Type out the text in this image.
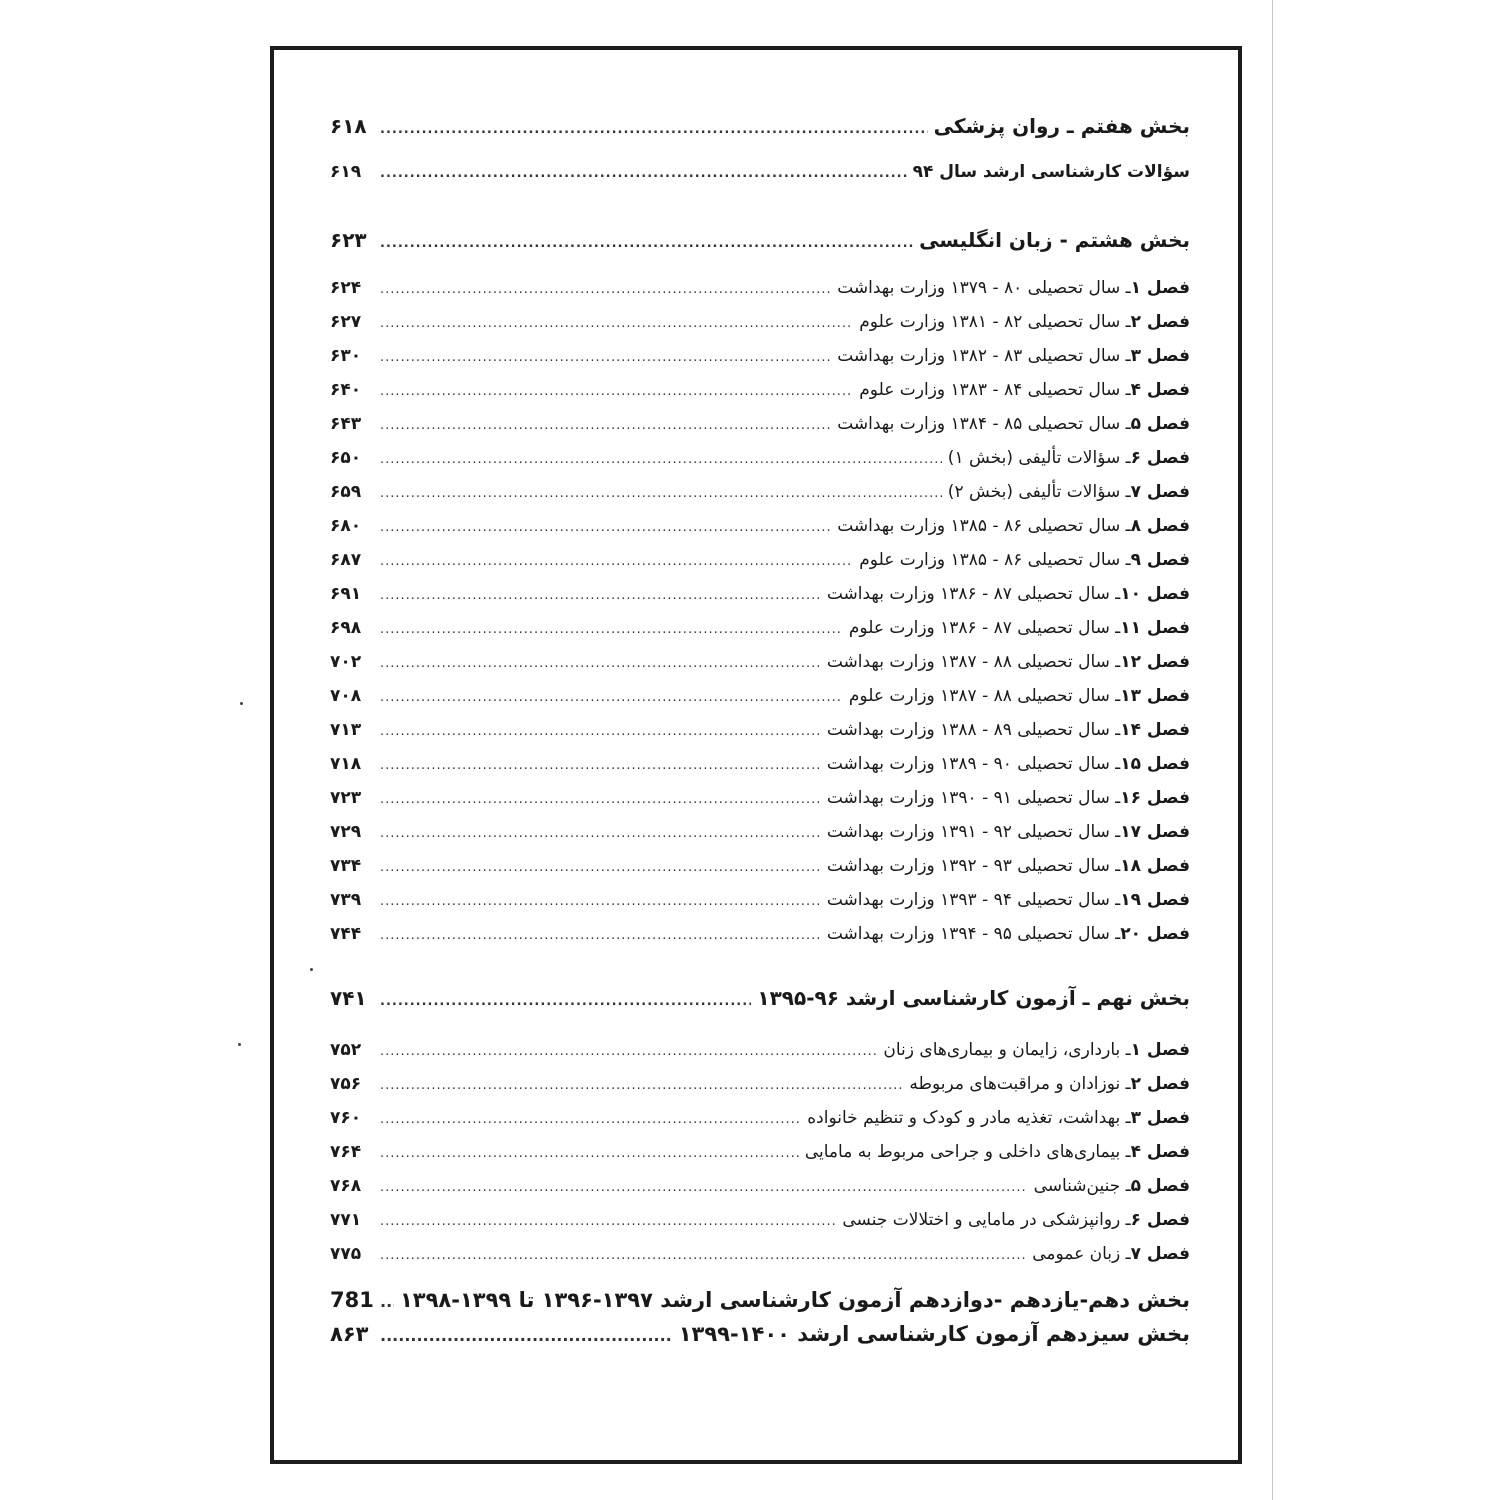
بخش هفتم ـ روان پزشکی
.....
۶۱۸
سؤالات کارشناسی ارشد سال ۹۴
.....
۶۱۹
بخش هشتم - زبان انگلیسی
.....
۶۲۳
فصل ۱ـ سال تحصیلی ۸۰ - ۱۳۷۹ وزارت بهداشت
.....
۶۲۴
فصل ۲ـ سال تحصیلی ۸۲ - ۱۳۸۱ وزارت علوم
.....
۶۲۷
فصل ۳ـ سال تحصیلی ۸۳ - ۱۳۸۲ وزارت بهداشت
.....
۶۳۰
فصل ۴ـ سال تحصیلی ۸۴ - ۱۳۸۳ وزارت علوم
.....
۶۴۰
فصل ۵ـ سال تحصیلی ۸۵ - ۱۳۸۴ وزارت بهداشت
.....
۶۴۳
فصل ۶ـ سؤالات تألیفی (بخش ۱)
.....
۶۵۰
فصل ۷ـ سؤالات تألیفی (بخش ۲)
.....
۶۵۹
فصل ۸ـ سال تحصیلی ۸۶ - ۱۳۸۵ وزارت بهداشت
.....
۶۸۰
فصل ۹ـ سال تحصیلی ۸۶ - ۱۳۸۵ وزارت علوم
.....
۶۸۷
فصل ۱۰ـ سال تحصیلی ۸۷ - ۱۳۸۶ وزارت بهداشت
.....
۶۹۱
فصل ۱۱ـ سال تحصیلی ۸۷ - ۱۳۸۶ وزارت علوم
.....
۶۹۸
فصل ۱۲ـ سال تحصیلی ۸۸ - ۱۳۸۷ وزارت بهداشت
.....
۷۰۲
فصل ۱۳ـ سال تحصیلی ۸۸ - ۱۳۸۷ وزارت علوم
.....
۷۰۸
فصل ۱۴ـ سال تحصیلی ۸۹ - ۱۳۸۸ وزارت بهداشت
.....
۷۱۳
فصل ۱۵ـ سال تحصیلی ۹۰ - ۱۳۸۹ وزارت بهداشت
.....
۷۱۸
فصل ۱۶ـ سال تحصیلی ۹۱ - ۱۳۹۰ وزارت بهداشت
.....
۷۲۳
فصل ۱۷ـ سال تحصیلی ۹۲ - ۱۳۹۱ وزارت بهداشت
.....
۷۲۹
فصل ۱۸ـ سال تحصیلی ۹۳ - ۱۳۹۲ وزارت بهداشت
.....
۷۳۴
فصل ۱۹ـ سال تحصیلی ۹۴ - ۱۳۹۳ وزارت بهداشت
.....
۷۳۹
فصل ۲۰ـ سال تحصیلی ۹۵ - ۱۳۹۴ وزارت بهداشت
.....
۷۴۴
بخش نهم ـ آزمون کارشناسی ارشد ۹۶-۱۳۹۵
.....
۷۴۱
فصل ۱ـ بارداری، زایمان و بیماری‌های زنان
.....
۷۵۲
فصل ۲ـ نوزادان و مراقبت‌های مربوطه
.....
۷۵۶
فصل ۳ـ بهداشت، تغذیه مادر و کودک و تنظیم خانواده
.....
۷۶۰
فصل ۴ـ بیماری‌های داخلی و جراحی مربوط به مامایی
.....
۷۶۴
فصل ۵ـ جنین‌شناسی
.....
۷۶۸
فصل ۶ـ روانپزشکی در مامایی و اختلالات جنسی
.....
۷۷۱
فصل ۷ـ زبان عمومی
.....
۷۷۵
بخش دهم-یازدهم -دوازدهم آزمون کارشناسی ارشد ۱۳۹۷-۱۳۹۶ تا ۱۳۹۹-۱۳۹۸
.....
781
بخش سیزدهم آزمون کارشناسی ارشد ۱۴۰۰-۱۳۹۹
.....
۸۶۳
